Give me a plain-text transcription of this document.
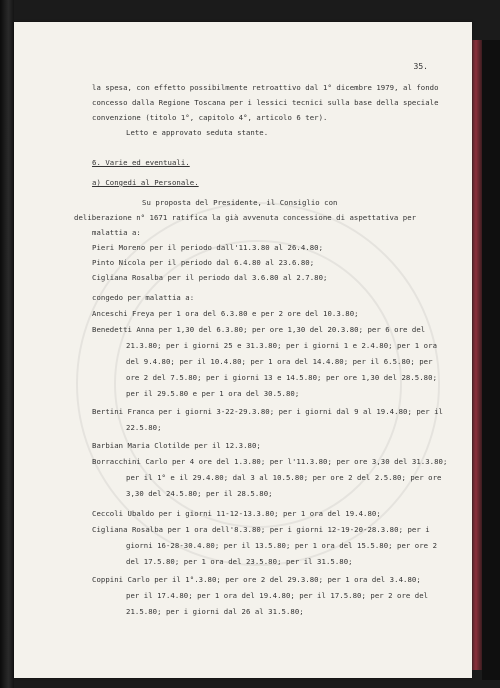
35.
la spesa, con effetto possibilmente retroattivo dal 1° dicembre 1979, al fondo
concesso dalla Regione Toscana per i lessici tecnici sulla base della speciale
convenzione (titolo 1°, capitolo 4°, articolo 6 ter).
Letto e approvato seduta stante.
6. Varie ed eventuali.
a) Congedi al Personale.
Su proposta del Presidente, il Consiglio con
deliberazione n° 1671 ratifica la già avvenuta concessione di aspettativa per
malattia a:
Pieri Moreno per il periodo dall'11.3.80 al 26.4.80;
Pinto Nicola per il periodo dal 6.4.80 al 23.6.80;
Cigliana Rosalba per il periodo dal 3.6.80 al 2.7.80;
congedo per malattia a:
Anceschi Freya per 1 ora del 6.3.80 e per 2 ore del 10.3.80;
Benedetti Anna per 1,30 del 6.3.80; per ore 1,30 del 20.3.80; per 6 ore del
21.3.80; per i giorni 25 e 31.3.80; per i giorni 1 e 2.4.80; per 1 ora
del 9.4.80; per il 10.4.80; per 1 ora del 14.4.80; per il 6.5.80; per
ore 2 del 7.5.80; per i giorni 13 e 14.5.80; per ore 1,30 del 28.5.80;
per il 29.5.80 e per 1 ora del 30.5.80;
Bertini Franca per i giorni 3-22-29.3.80; per i giorni dal 9 al 19.4.80; per il
22.5.80;
Barbian Maria Clotilde per il 12.3.80;
Borracchini Carlo per 4 ore del 1.3.80; per l'11.3.80; per ore 3,30 del 31.3.80;
per il 1° e il 29.4.80; dal 3 al 10.5.80; per ore 2 del 2.5.80; per ore
3,30 del 24.5.80; per il 28.5.80;
Ceccoli Ubaldo per i giorni 11-12-13.3.80; per 1 ora del 19.4.80;
Cigliana Rosalba per 1 ora dell'8.3.80; per i giorni 12-19-20-28.3.80; per i
giorni 16-28-30.4.80; per il 13.5.80; per 1 ora del 15.5.80; per ore 2
del 17.5.80; per 1 ora del 23.5.80; per il 31.5.80;
Coppini Carlo per il 1°.3.80; per ore 2 del 29.3.80; per 1 ora del 3.4.80;
per il 17.4.80; per 1 ora del 19.4.80; per il 17.5.80; per 2 ore del
21.5.80; per i giorni dal 26 al 31.5.80;
